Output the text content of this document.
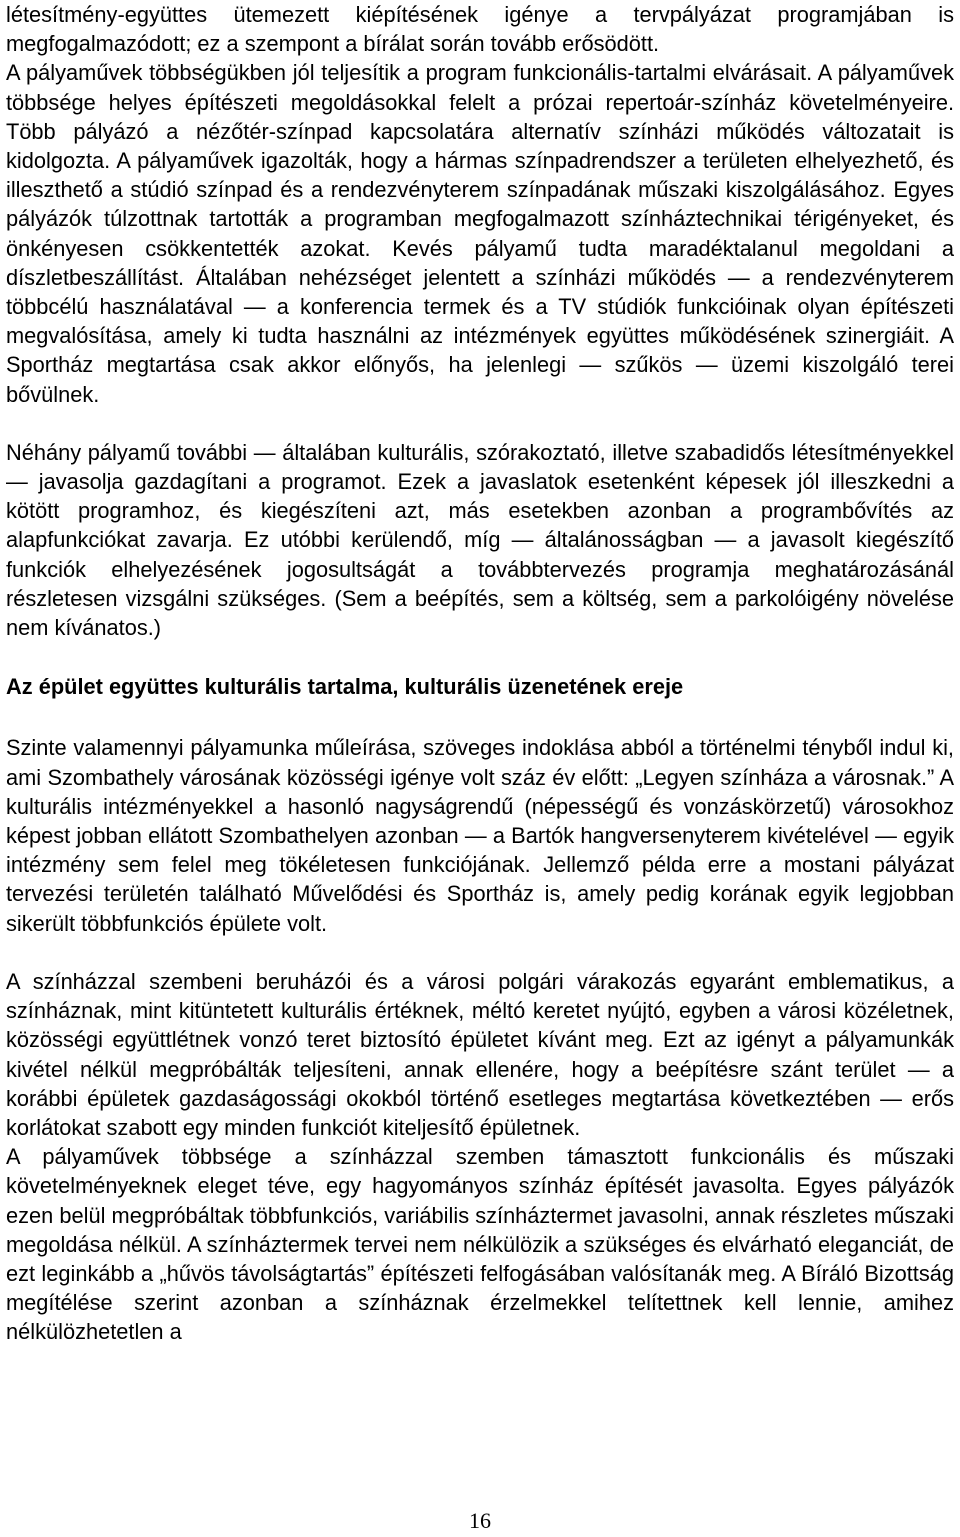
létesítmény-együttes ütemezett kiépítésének igénye a tervpályázat programjában is megfogalmazódott; ez a szempont a bírálat során tovább erősödött.

A pályaművek többségükben jól teljesítik a program funkcionális-tartalmi elvárásait. A pályaművek többsége helyes építészeti megoldásokkal felelt a prózai repertoár-színház követelményeire. Több pályázó a nézőtér-színpad kapcsolatára alternatív színházi működés változatait is kidolgozta. A pályaművek igazolták, hogy a hármas színpadrendszer a területen elhelyezhető, és illeszthető a stúdió színpad és a rendezvényterem színpadának műszaki kiszolgálásához. Egyes pályázók túlzottnak tartották a programban megfogalmazott színháztechnikai térigényeket, és önkényesen csökkentették azokat. Kevés pályamű tudta maradéktalanul megoldani a díszletbeszállítást. Általában nehézséget jelentett a színházi működés — a rendezvényterem többcélú használatával — a konferencia termek és a TV stúdiók funkcióinak olyan építészeti megvalósítása, amely ki tudta használni az intézmények együttes működésének szinergiáit. A Sportház megtartása csak akkor előnyős, ha jelenlegi — szűkös — üzemi kiszolgáló terei bővülnek.

Néhány pályamű további — általában kulturális, szórakoztató, illetve szabadidős létesítményekkel — javasolja gazdagítani a programot. Ezek a javaslatok esetenként képesek jól illeszkedni a kötött programhoz, és kiegészíteni azt, más esetekben azonban a programbővítés az alapfunkciókat zavarja. Ez utóbbi kerülendő, míg — általánosságban — a javasolt kiegészítő funkciók elhelyezésének jogosultságát a továbbtervezés programja meghatározásánál részletesen vizsgálni szükséges. (Sem a beépítés, sem a költség, sem a parkolóigény növelése nem kívánatos.)

Az épület együttes kulturális tartalma, kulturális üzenetének ereje

Szinte valamennyi pályamunka műleírása, szöveges indoklása abból a történelmi tényből indul ki, ami Szombathely városának közösségi igénye volt száz év előtt: „Legyen színháza a városnak.” A kulturális intézményekkel a hasonló nagyságrendű (népességű és vonzáskörzetű) városokhoz képest jobban ellátott Szombathelyen azonban — a Bartók hangversenyterem kivételével — egyik intézmény sem felel meg tökéletesen funkciójának. Jellemző példa erre a mostani pályázat tervezési területén található Művelődési és Sportház is, amely pedig korának egyik legjobban sikerült többfunkciós épülete volt.

A színházzal szembeni beruházói és a városi polgári várakozás egyaránt emblematikus, a színháznak, mint kitüntetett kulturális értéknek, méltó keretet nyújtó, egyben a városi közéletnek, közösségi együttlétnek vonzó teret biztosító épületet kívánt meg. Ezt az igényt a pályamunkák kivétel nélkül megpróbálták teljesíteni, annak ellenére, hogy a beépítésre szánt terület — a korábbi épületek gazdaságossági okokból történő esetleges megtartása következtében — erős korlátokat szabott egy minden funkciót kiteljesítő épületnek.

A pályaművek többsége a színházzal szemben támasztott funkcionális és műszaki követelményeknek eleget téve, egy hagyományos színház építését javasolta. Egyes pályázók ezen belül megpróbáltak többfunkciós, variábilis színháztermet javasolni, annak részletes műszaki megoldása nélkül. A színháztermek tervei nem nélkülözik a szükséges és elvárható eleganciát, de ezt leginkább a „hűvös távolságtartás” építészeti felfogásában valósítanák meg. A Bíráló Bizottság megítélése szerint azonban a színháznak érzelmekkel telítettnek kell lennie, amihez nélkülözhetetlen a

16
